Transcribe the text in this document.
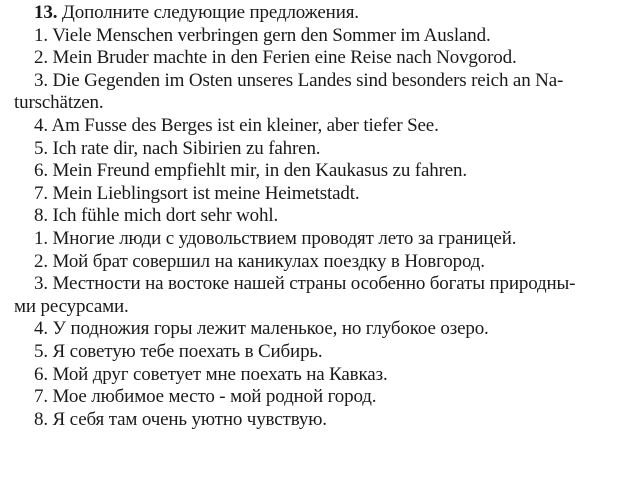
13. Дополните следующие предложения.
1. Viele Menschen verbringen gern den Sommer im Ausland.
2. Mein Bruder machte in den Ferien eine Reise nach Novgorod.
3. Die Gegenden im Osten unseres Landes sind besonders reich an Na-
turschätzen.
4. Am Fusse des Berges ist ein kleiner, aber tiefer See.
5. Ich rate dir, nach Sibirien zu fahren.
6. Mein Freund empfiehlt mir, in den Kaukasus zu fahren.
7. Mein Lieblingsort ist meine Heimetstadt.
8. Ich fühle mich dort sehr wohl.
1. Многие люди с удовольствием проводят лето за границей.
2. Мой брат совершил на каникулах поездку в Новгород.
3. Местности на востоке нашей страны особенно богаты природны-
ми ресурсами.
4. У подножия горы лежит маленькое, но глубокое озеро.
5. Я советую тебе поехать в Сибирь.
6. Мой друг советует мне поехать на Кавказ.
7. Мое любимое место - мой родной город.
8. Я себя там очень уютно чувствую.
